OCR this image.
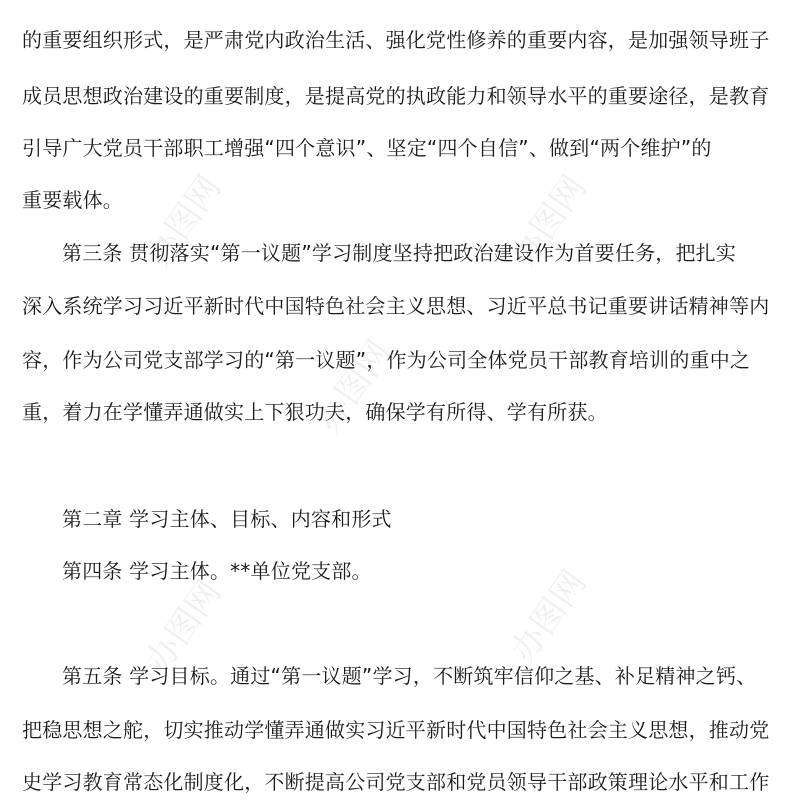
办图网	办图网
办图网
办图网	办图网
的重要组织形式，是严肃党内政治生活、强化党性修养的重要内容，是加强领导班子
成员思想政治建设的重要制度，是提高党的执政能力和领导水平的重要途径，是教育
引导广大党员干部职工增强“四个意识”、坚定“四个自信”、做到“两个维护”的
重要载体。
第三条 贯彻落实“第一议题”学习制度坚持把政治建设作为首要任务，把扎实
深入系统学习习近平新时代中国特色社会主义思想、习近平总书记重要讲话精神等内
容，作为公司党支部学习的“第一议题”，作为公司全体党员干部教育培训的重中之
重，着力在学懂弄通做实上下狠功夫，确保学有所得、学有所获。
第二章 学习主体、目标、内容和形式
第四条 学习主体。**单位党支部。
第五条 学习目标。通过“第一议题”学习，不断筑牢信仰之基、补足精神之钙、
把稳思想之舵，切实推动学懂弄通做实习近平新时代中国特色社会主义思想，推动党
史学习教育常态化制度化，不断提高公司党支部和党员领导干部政策理论水平和工作
